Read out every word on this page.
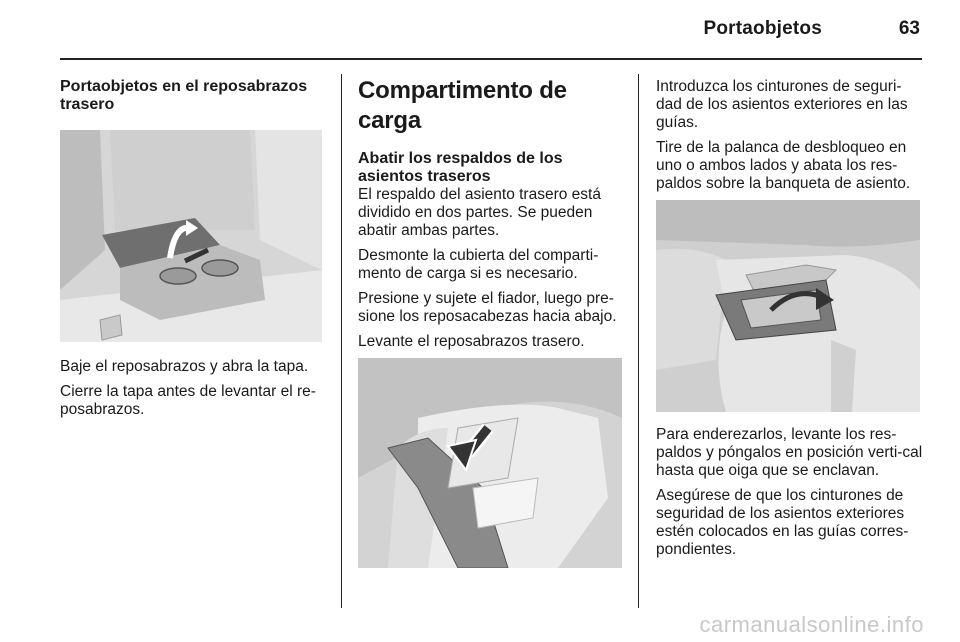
Portaobjetos	63
Portaobjetos en el reposabrazos trasero

Baje el reposabrazos y abra la tapa.

Cierre la tapa antes de levantar el re-posabrazos.

Compartimento de carga
Abatir los respaldos de los asientos traseros

El respaldo del asiento trasero está dividido en dos partes. Se pueden abatir ambas partes.

Desmonte la cubierta del comparti-mento de carga si es necesario.

Presione y sujete el fiador, luego pre-sione los reposacabezas hacia abajo.

Levante el reposabrazos trasero.

Introduzca los cinturones de seguri-dad de los asientos exteriores en las guías.

Tire de la palanca de desbloqueo en uno o ambos lados y abata los res-paldos sobre la banqueta de asiento.

Para enderezarlos, levante los res-paldos y póngalos en posición verti-cal hasta que oiga que se enclavan.

Asegúrese de que los cinturones de seguridad de los asientos exteriores estén colocados en las guías corres-pondientes.

carmanualsonline.info
